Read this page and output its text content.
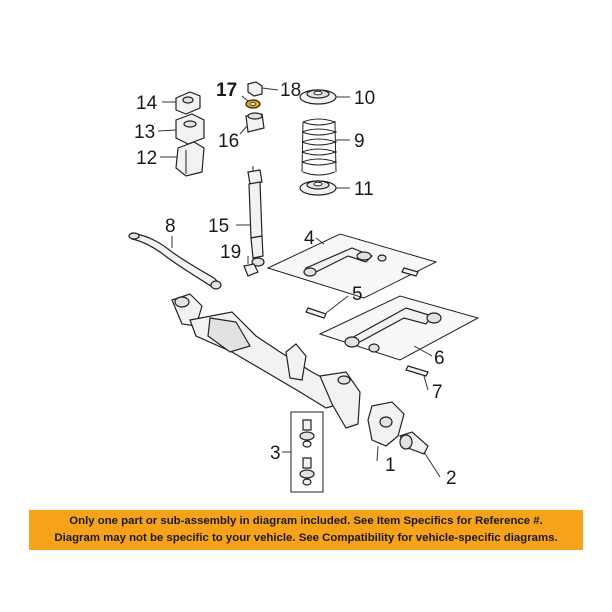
14
13
12
17 18
16
10
9
11
15
19
8
4
5
6
7
1
2
3
Only one part or sub-assembly in diagram included. See Item Specifics for Reference #.
Diagram may not be specific to your vehicle. See Compatibility for vehicle-specific diagrams.
